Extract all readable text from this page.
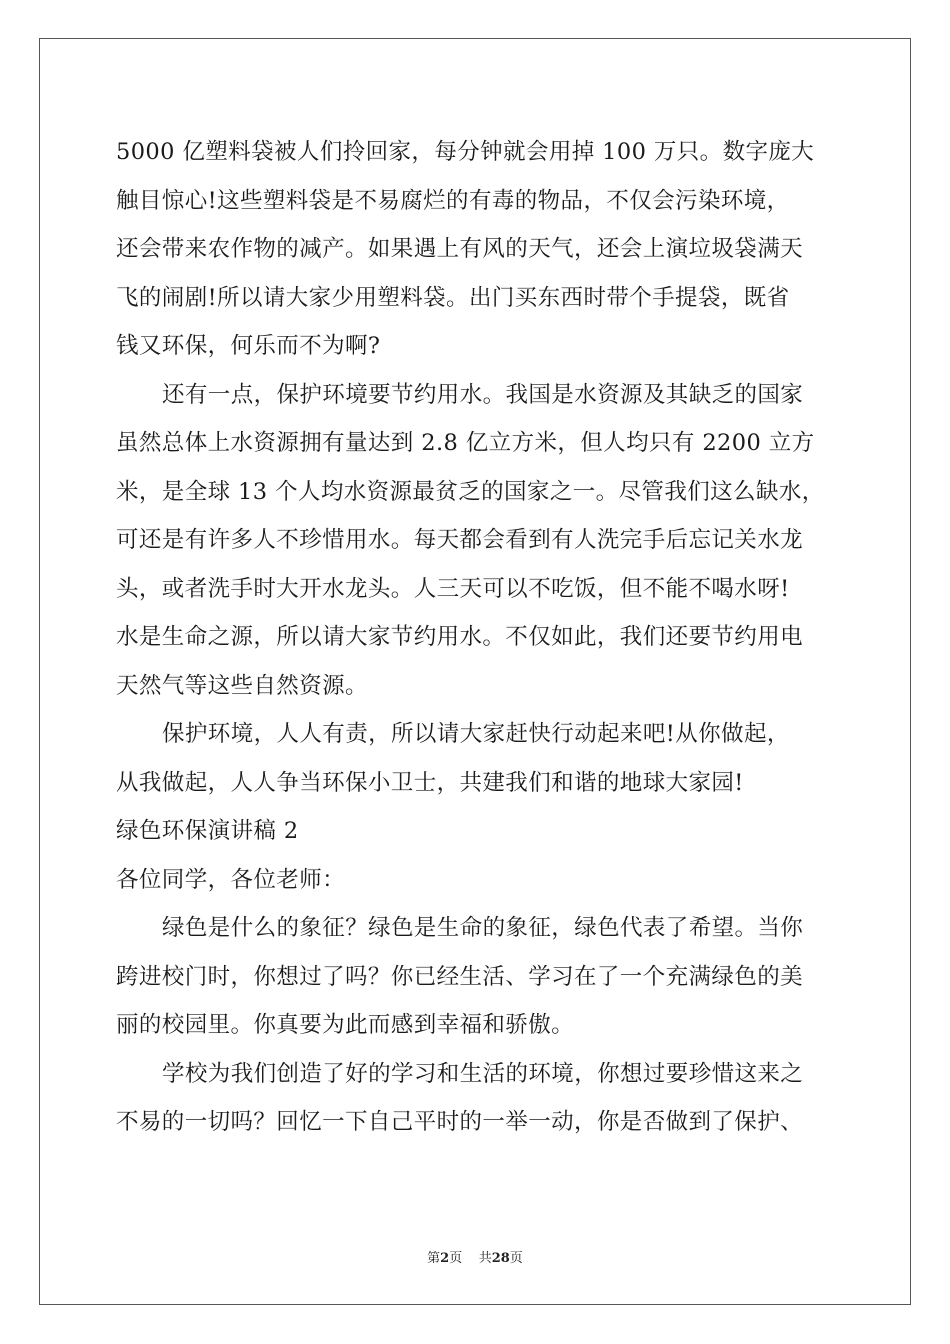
5000 亿塑料袋被人们拎回家，每分钟就会用掉 100 万只。数字庞大
触目惊心!这些塑料袋是不易腐烂的有毒的物品，不仅会污染环境，
还会带来农作物的减产。如果遇上有风的天气，还会上演垃圾袋满天
飞的闹剧!所以请大家少用塑料袋。出门买东西时带个手提袋，既省
钱又环保，何乐而不为啊?
还有一点，保护环境要节约用水。我国是水资源及其缺乏的国家
虽然总体上水资源拥有量达到 2.8 亿立方米，但人均只有 2200 立方
米，是全球 13 个人均水资源最贫乏的国家之一。尽管我们这么缺水，
可还是有许多人不珍惜用水。每天都会看到有人洗完手后忘记关水龙
头，或者洗手时大开水龙头。人三天可以不吃饭，但不能不喝水呀!
水是生命之源，所以请大家节约用水。不仅如此，我们还要节约用电
天然气等这些自然资源。
保护环境，人人有责，所以请大家赶快行动起来吧!从你做起，
从我做起，人人争当环保小卫士，共建我们和谐的地球大家园!
绿色环保演讲稿 2
各位同学，各位老师：
绿色是什么的象征？绿色是生命的象征，绿色代表了希望。当你
跨进校门时，你想过了吗？你已经生活、学习在了一个充满绿色的美
丽的校园里。你真要为此而感到幸福和骄傲。
学校为我们创造了好的学习和生活的环境，你想过要珍惜这来之
不易的一切吗？回忆一下自己平时的一举一动，你是否做到了保护、
第2页 共28页
